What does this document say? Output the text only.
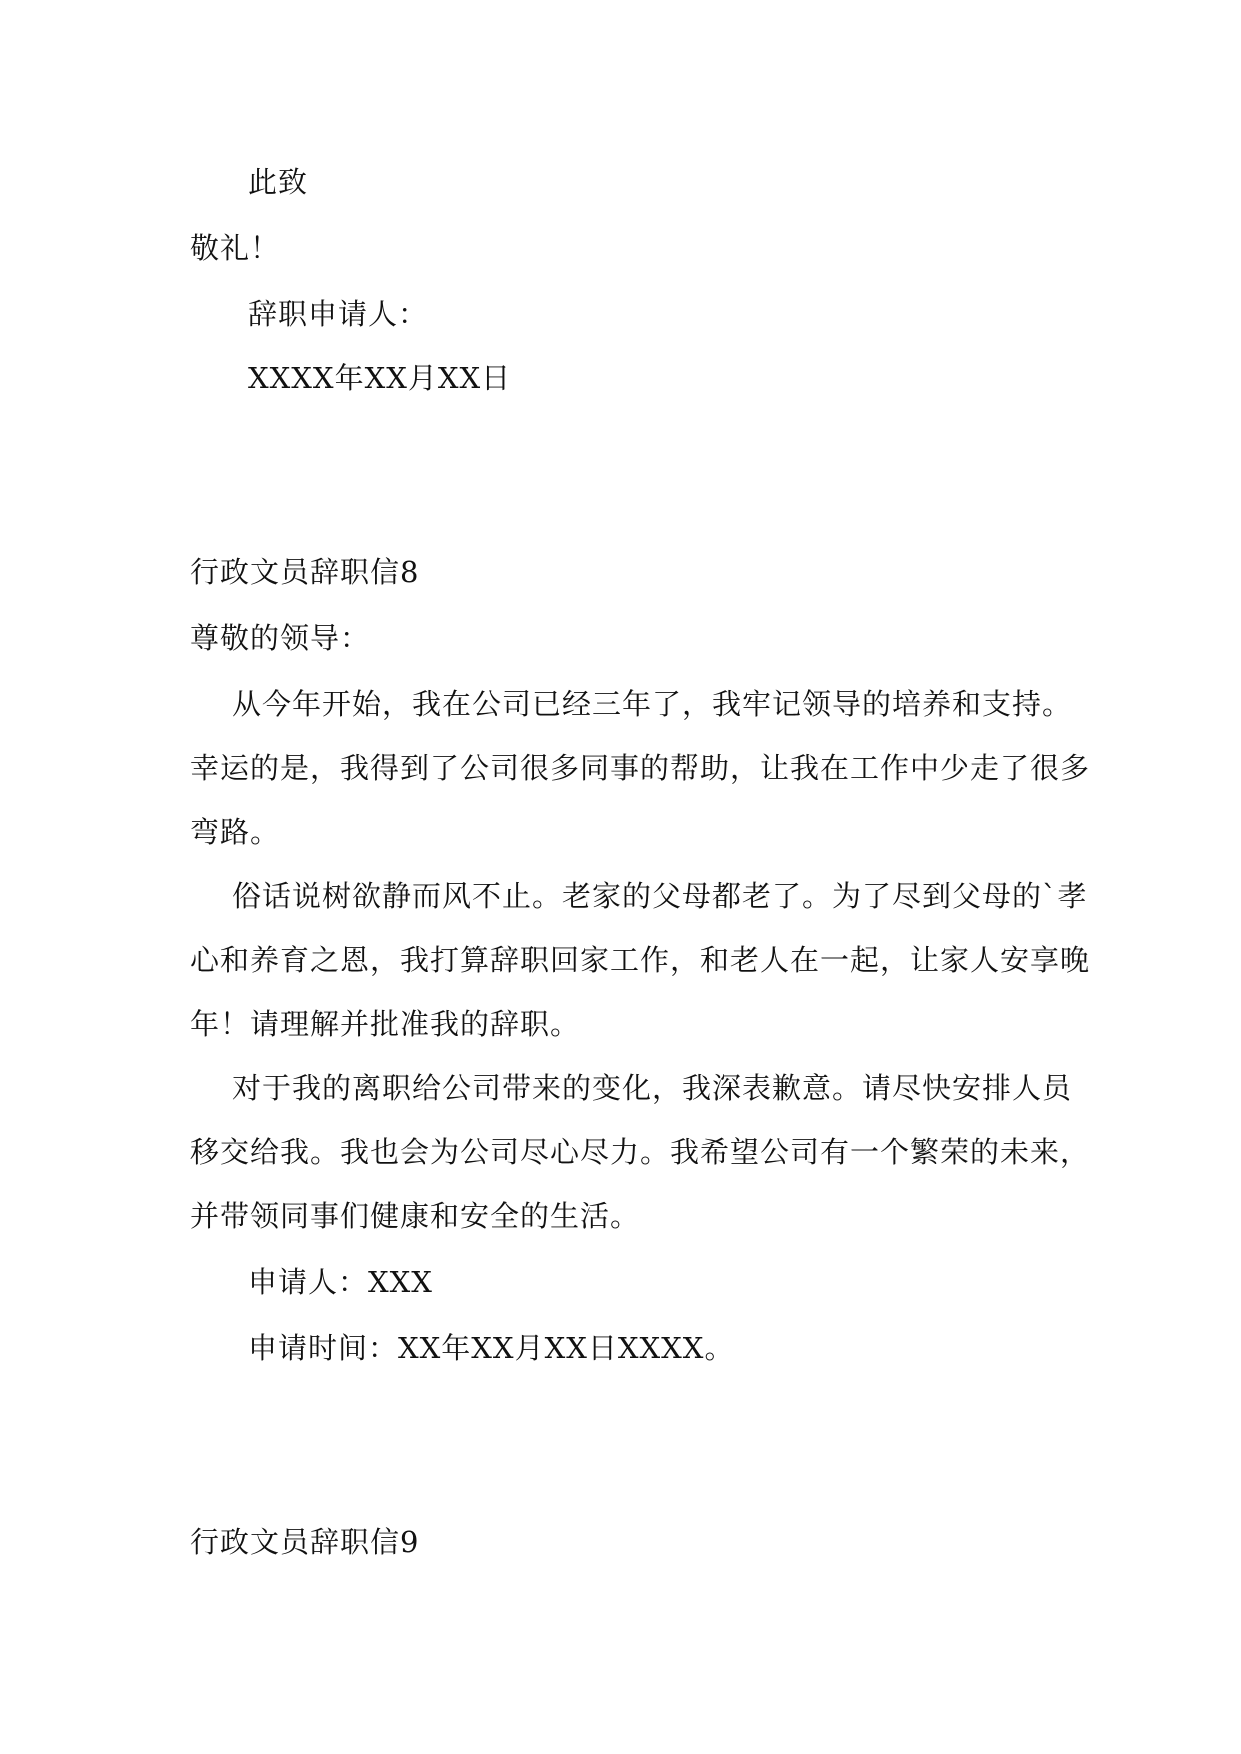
此致
敬礼！
辞职申请人：
XXXX年XX月XX日
行政文员辞职信8
尊敬的领导：
从今年开始，我在公司已经三年了，我牢记领导的培养和支持。
幸运的是，我得到了公司很多同事的帮助，让我在工作中少走了很多
弯路。
俗话说树欲静而风不止。老家的父母都老了。为了尽到父母的`孝
心和养育之恩，我打算辞职回家工作，和老人在一起，让家人安享晚
年！请理解并批准我的辞职。
对于我的离职给公司带来的变化，我深表歉意。请尽快安排人员
移交给我。我也会为公司尽心尽力。我希望公司有一个繁荣的未来，
并带领同事们健康和安全的生活。
申请人：XXX
申请时间：XX年XX月XX日XXXX。
行政文员辞职信9
